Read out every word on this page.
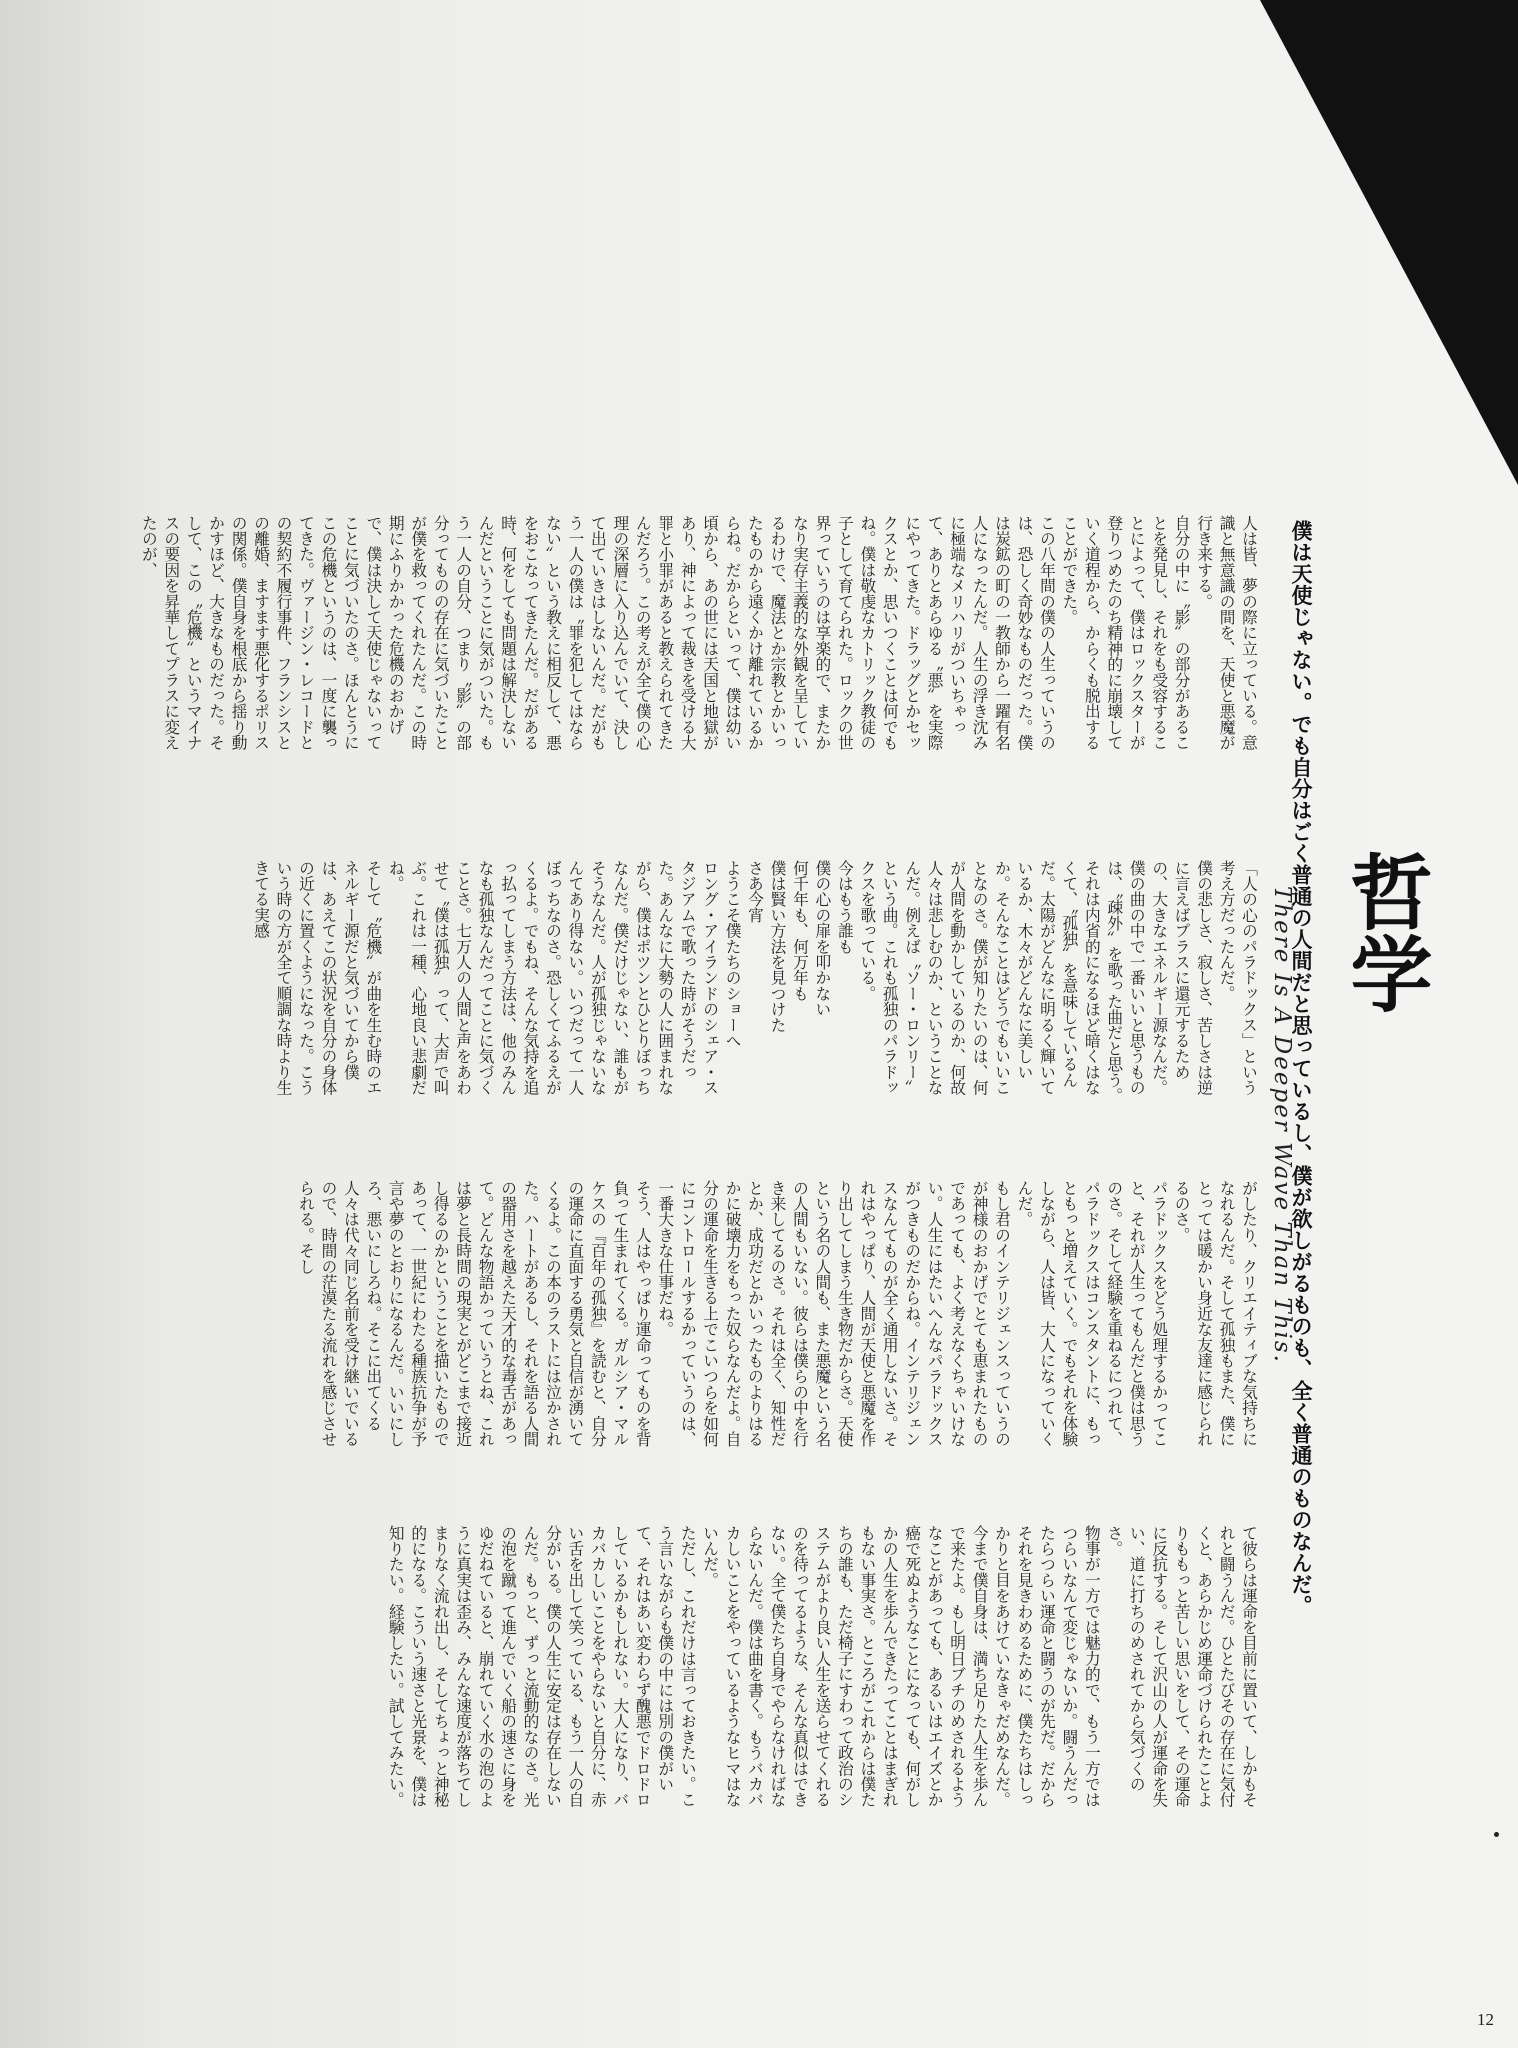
僕は天使じゃない。でも自分はごく普通の人間だと思っているし、僕が欲しがるものも、全く普通のものなんだ。 哲学
There Is A Deeper Wave Than This.
人は皆、夢の際に立っている。意識と無意識の間を、天使と悪魔が行き来する。
自分の中に〝影〟の部分があることを発見し、それをも受容することによって、僕はロックスターが登りつめたのち精神的に崩壊していく道程から、からくも脱出することができた。
この八年間の僕の人生っていうのは、恐しく奇妙なものだった。僕は炭鉱の町の一教師から一躍有名人になったんだ。人生の浮き沈みに極端なメリハリがついちゃって、ありとあらゆる〝悪〟を実際にやってきた。ドラッグとかセックスとか、思いつくことは何でもね。僕は敬虔なカトリック教徒の子として育てられた。ロックの世界っていうのは享楽的で、またかなり実存主義的な外観を呈しているわけで、魔法とか宗教とかいったものから遠くかけ離れているからね。だからといって、僕は幼い頃から、あの世には天国と地獄があり、神によって裁きを受ける大罪と小罪があると教えられてきたんだろう。この考えが全て僕の心理の深層に入り込んでいて、決して出ていきはしないんだ。だがもう一人の僕は〝罪を犯してはならない〟という教えに相反して、悪をおこなってきたんだ。だがある時、何をしても問題は解決しないんだということに気がついた。もう一人の自分、つまり〝影〟の部分ってものの存在に気づいたことが僕を救ってくれたんだ。この時期にふりかかった危機のおかげで、僕は決して天使じゃないってことに気づいたのさ。ほんとうにこの危機というのは、一度に襲ってきた。ヴァージン・レコードとの契約不履行事件、フランシスとの離婚、ますます悪化するポリスの関係。僕自身を根底から揺り動かすほど、大きなものだった。そして、この〝危機〟というマイナスの要因を昇華してプラスに変えたのが、
「人の心のパラドックス」という考え方だったんだ。
僕の悲しさ、寂しさ、苦しさは逆に言えばプラスに還元するための、大きなエネルギー源なんだ。僕の曲の中で一番いいと思うものは、〝疎外〟を歌った曲だと思う。それは内省的になるほど暗くはなくて、〝孤独〟を意味しているんだ。太陽がどんなに明るく輝いているか、木々がどんなに美しいか。そんなことはどうでもいいことなのさ。僕が知りたいのは、何が人間を動かしているのか、何故人々は悲しむのか、ということなんだ。例えば〝ソー・ロンリー〟という曲。これも孤独のパラドックスを歌っている。
今はもう誰も
僕の心の扉を叩かない
何千年も、何万年も
僕は賢い方法を見つけた
さあ今宵
ようこそ僕たちのショーへ
ロング・アイランドのシェア・スタジアムで歌った時がそうだった。あんなに大勢の人に囲まれながら、僕はポツンとひとりぼっちなんだ。僕だけじゃない、誰もがそうなんだ。人が孤独じゃないなんてあり得ない。いつだって一人ぼっちなのさ。恐しくてふるえがくるよ。でもね、そんな気持を追っ払ってしまう方法は、他のみんなも孤独なんだってことに気づくことさ。七万人の人間と声をあわせて〝僕は孤独〟って、大声で叫ぶ。これは一種、心地良い悲劇だね。
そして〝危機〟が曲を生む時のエネルギー源だと気づいてから僕は、あえてこの状況を自分の身体の近くに置くようになった。こういう時の方が全て順調な時より生きてる実感
がしたり、クリエイティブな気持ちになれるんだ。そして孤独もまた、僕にとっては暖かい身近な友達に感じられるのさ。
パラドックスをどう処理するかってこと、それが人生ってもんだと僕は思うのさ。そして経験を重ねるにつれて、パラドックスはコンスタントに、もっともっと増えていく。でもそれを体験しながら、人は皆、大人になっていくんだ。
もし君のインテリジェンスっていうのが神様のおかげでとても恵まれたものであっても、よく考えなくちゃいけない。人生にはたいへんなパラドックスがつきものだからね。インテリジェンスなんてものが全く通用しないさ。それはやっぱり、人間が天使と悪魔を作り出してしまう生き物だからさ。天使という名の人間も、また悪魔という名の人間もいない。彼らは僕らの中を行き来してるのさ。それは全く、知性だとか、成功だとかいったものよりはるかに破壊力をもった奴らなんだよ。自分の運命を生きる上でこいつらを如何にコントロールするかっていうのは、一番大きな仕事だね。
そう、人はやっぱり運命ってものを背負って生まれてくる。ガルシア・マルケスの『百年の孤独』を読むと、自分の運命に直面する勇気と自信が湧いてくるよ。この本のラストには泣かされた。ハートがあるし、それを語る人間の器用さを越えた天才的な毒舌があって。どんな物語かっていうとね、これは夢と長時間の現実とがどこまで接近し得るのかということを描いたものであって、一世紀にわたる種族抗争が予言や夢のとおりになるんだ。いいにしろ、悪いにしろね。そこに出てくる人々は代々同じ名前を受け継いでいるので、時間の茫漠たる流れを感じさせられる。そし
て彼らは運命を目前に置いて、しかもそれと闘うんだ。ひとたびその存在に気付くと、あらかじめ運命づけられたことよりももっと苦しい思いをして、その運命に反抗する。そして沢山の人が運命を失い、道に打ちのめされてから気づくのさ。
物事が一方では魅力的で、もう一方ではつらいなんて変じゃないか。闘うんだったらつらい運命と闘うのが先だ。だからそれを見きわめるために、僕たちはしっかりと目をあけていなきゃだめなんだ。
今まで僕自身は、満ち足りた人生を歩んで来たよ。もし明日ブチのめされるようなことがあっても、あるいはエイズとか癌で死ぬようなことになっても、何がしかの人生を歩んできたってことはまぎれもない事実さ。ところがこれからは僕たちの誰も、ただ椅子にすわって政治のシステムがより良い人生を送らせてくれるのを待ってるような、そんな真似はできない。全て僕たち自身でやらなければならないんだ。僕は曲を書く。もうバカバカしいことをやっているようなヒマはないんだ。
ただし、これだけは言っておきたい。こう言いながらも僕の中には別の僕がいて、それはあい変わらず醜悪でドロドロしているかもしれない。大人になり、バカバカしいことをやらないと自分に、赤い舌を出して笑っている、もう一人の自分がいる。僕の人生に安定は存在しないんだ。もっと、ずっと流動的なのさ。光の泡を蹴って進んでいく船の速さに身をゆだねていると、崩れていく水の泡のように真実は歪み、みんな速度が落ちてしまりなく流れ出し、そしてちょっと神秘的になる。こういう速さと光景を、僕は知りたい。経験したい。試してみたい。
12
